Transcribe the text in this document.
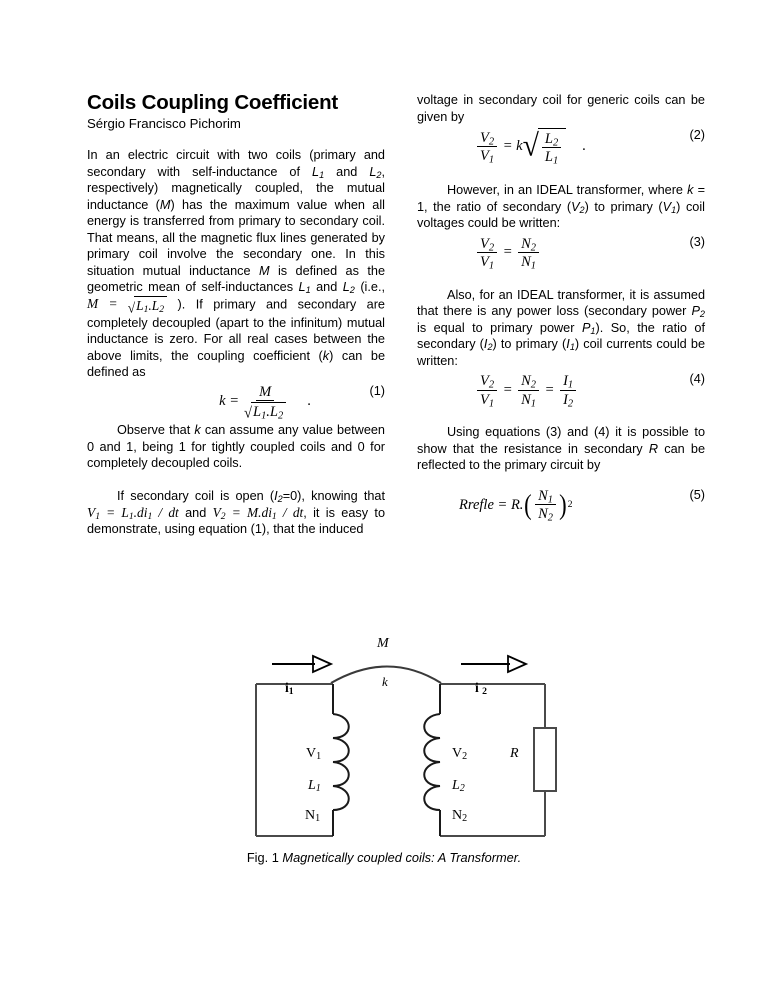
Coils Coupling Coefficient
Sérgio Francisco Pichorim

In an electric circuit with two coils (primary and secondary with self-inductance of $L_1$ and $L_2$, respectively) magnetically coupled, the mutual inductance (M) has the maximum value when all energy is transferred from primary to secondary coil. That means, all the magnetic flux lines generated by primary coil involve the secondary one. In this situation mutual inductance M is defined as the geometric mean of self-inductances $L_1$ and $L_2$ (i.e., M = √ $L_1.L_2$ ). If primary and secondary are completely decoupled (apart to the infinitum) mutual inductance is zero. For all real cases between the above limits, the coupling coefficient (k) can be defined as

(1)
k
= $\frac{M}{√ L_1.L_2}$ .

Observe that k can assume any value between 0 and 1, being 1 for tightly coupled coils and 0 for completely decoupled coils.

If secondary coil is open $(I_2=0)$, knowing that $V_1 = L_1.di_1$ / dt and $V_2 = M.di_1$ / dt, it is easy to demonstrate, using equation (1), that the induced

voltage in secondary coil for generic coils can be given by

(2)
$\frac{V_2}{V_1}$
=
k √ $\frac{L_2}{L_1}$ .

However, in an IDEAL transformer, where k = 1, the ratio of secondary $(V_2)$ to primary $(V_1)$ coil voltages could be written:

(3)
$\frac{V_2}{V_1}$
=
$\frac{N_2}{N_1}$

Also, for an IDEAL transformer, it is assumed that there is any power loss (secondary power $P_2$ is equal to primary power $P_1$). So, the ratio of secondary $(I_2)$ to primary $(I_1)$ coil currents could be written:

(4)
$\frac{V_2}{V_1}$
=
$\frac{N_2}{N_1}$
=
$\frac{I_1}{I_2}$

Using equations (3) and (4) it is possible to show that the resistance in secondary R can be reflected to the primary circuit by

(5)
Rrefle
=
R . ( $\frac{N_1}{N_2}$ ) 2
M
k
$i_1$	i $_2$
$V_1$	$V_2$
$L_1$	$L_2$
$N_1$	$N_2$
R
Fig. 1 Magnetically coupled coils: A Transformer.
